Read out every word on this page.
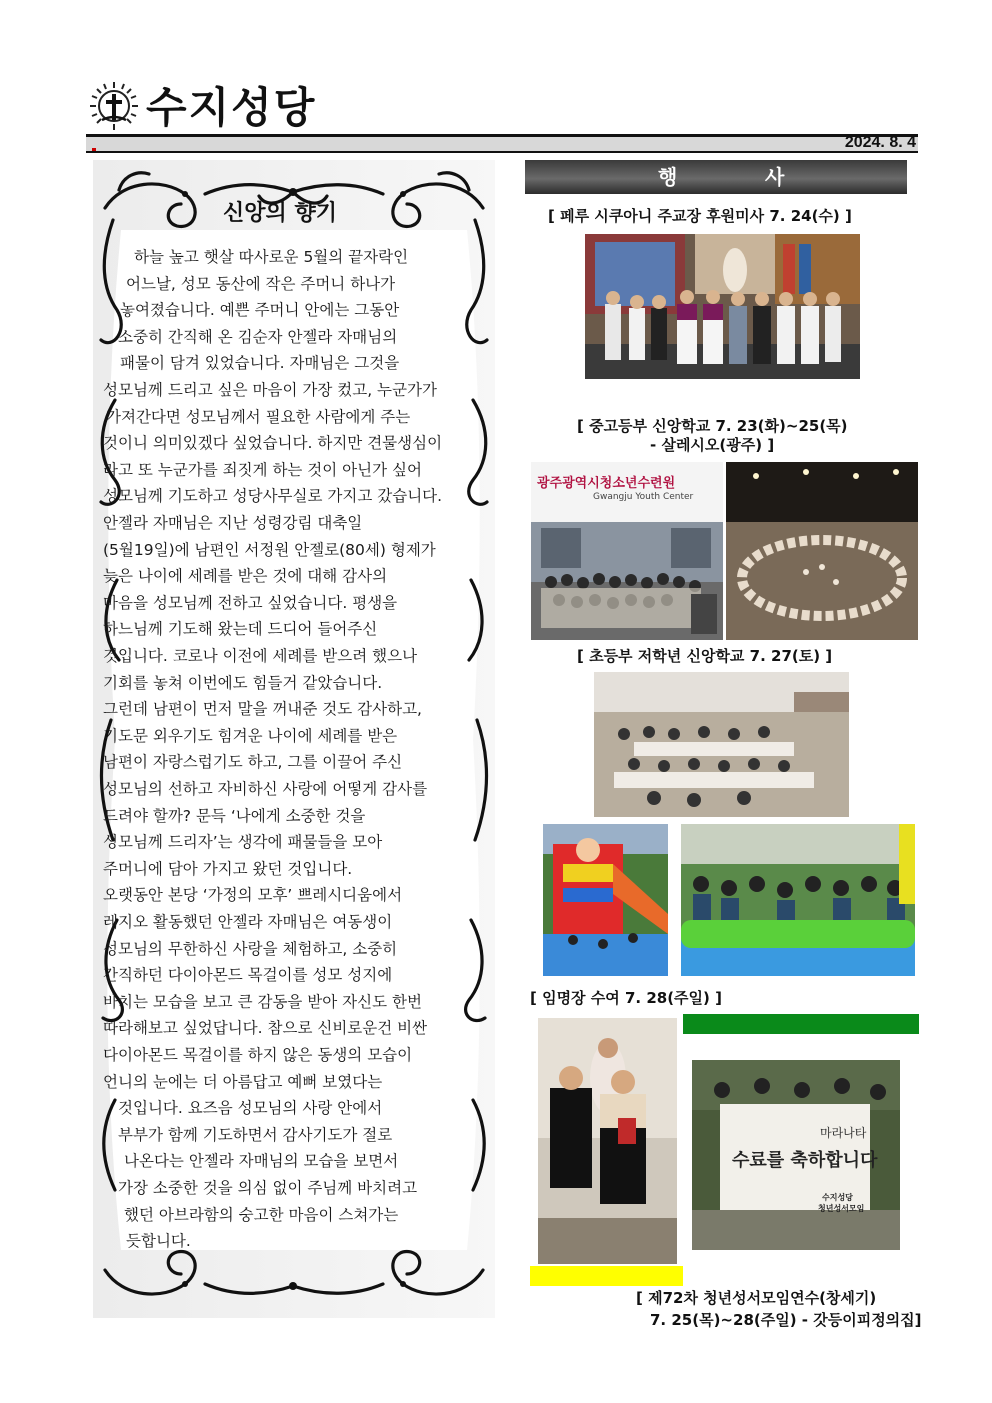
수지성당
2024. 8. 4
신앙의 향기
하늘 높고 햇살 따사로운 5월의 끝자락인
어느날, 성모 동산에 작은 주머니 하나가
놓여졌습니다. 예쁜 주머니 안에는 그동안
소중히 간직해 온 김순자 안젤라 자매님의
패물이 담겨 있었습니다. 자매님은 그것을
성모님께 드리고 싶은 마음이 가장 컸고, 누군가가
가져간다면 성모님께서 필요한 사람에게 주는
것이니 의미있겠다 싶었습니다. 하지만 견물생심이
라고 또 누군가를 죄짓게 하는 것이 아닌가 싶어
성모님께 기도하고 성당사무실로 가지고 갔습니다.
안젤라 자매님은 지난 성령강림 대축일
(5월19일)에 남편인 서정원 안젤로(80세) 형제가
늦은 나이에 세례를 받은 것에 대해 감사의
마음을 성모님께 전하고 싶었습니다. 평생을
하느님께 기도해 왔는데 드디어 들어주신
것입니다. 코로나 이전에 세례를 받으려 했으나
기회를 놓쳐 이번에도 힘들거 같았습니다.
그런데 남편이 먼저 말을 꺼내준 것도 감사하고,
기도문 외우기도 힘겨운 나이에 세례를 받은
남편이 자랑스럽기도 하고, 그를 이끌어 주신
성모님의 선하고 자비하신 사랑에 어떻게 감사를
드려야 할까? 문득 ‘나에게 소중한 것을
성모님께 드리자’는 생각에 패물들을 모아
주머니에 담아 가지고 왔던 것입니다.
오랫동안 본당 ‘가정의 모후’ 쁘레시디움에서
레지오 활동했던 안젤라 자매님은 여동생이
성모님의 무한하신 사랑을 체험하고, 소중히
간직하던 다이아몬드 목걸이를 성모 성지에
바치는 모습을 보고 큰 감동을 받아 자신도 한번
따라해보고 싶었답니다. 참으로 신비로운건 비싼
다이아몬드 목걸이를 하지 않은 동생의 모습이
언니의 눈에는 더 아름답고 예뻐 보였다는
것입니다. 요즈음 성모님의 사랑 안에서
부부가 함께 기도하면서 감사기도가 절로
나온다는 안젤라 자매님의 모습을 보면서
가장 소중한 것을 의심 없이 주님께 바치려고
했던 아브라함의 숭고한 마음이 스쳐가는
듯합니다.
행	사
[ 페루 시쿠아니 주교장 후원미사 7. 24(수) ]
[ 중고등부 신앙학교 7. 23(화)~25(목)
- 살레시오(광주) ]
[ 초등부 저학년 신앙학교 7. 27(토) ]
[ 임명장 수여 7. 28(주일) ]
[ 제72차 청년성서모임연수(창세기)
7. 25(목)~28(주일) - 갓등이피정의집]
광주광역시청소년수련원
Gwangju Youth Center
수료를 축하합니다
마라나타
수지성당
청년성서모임
